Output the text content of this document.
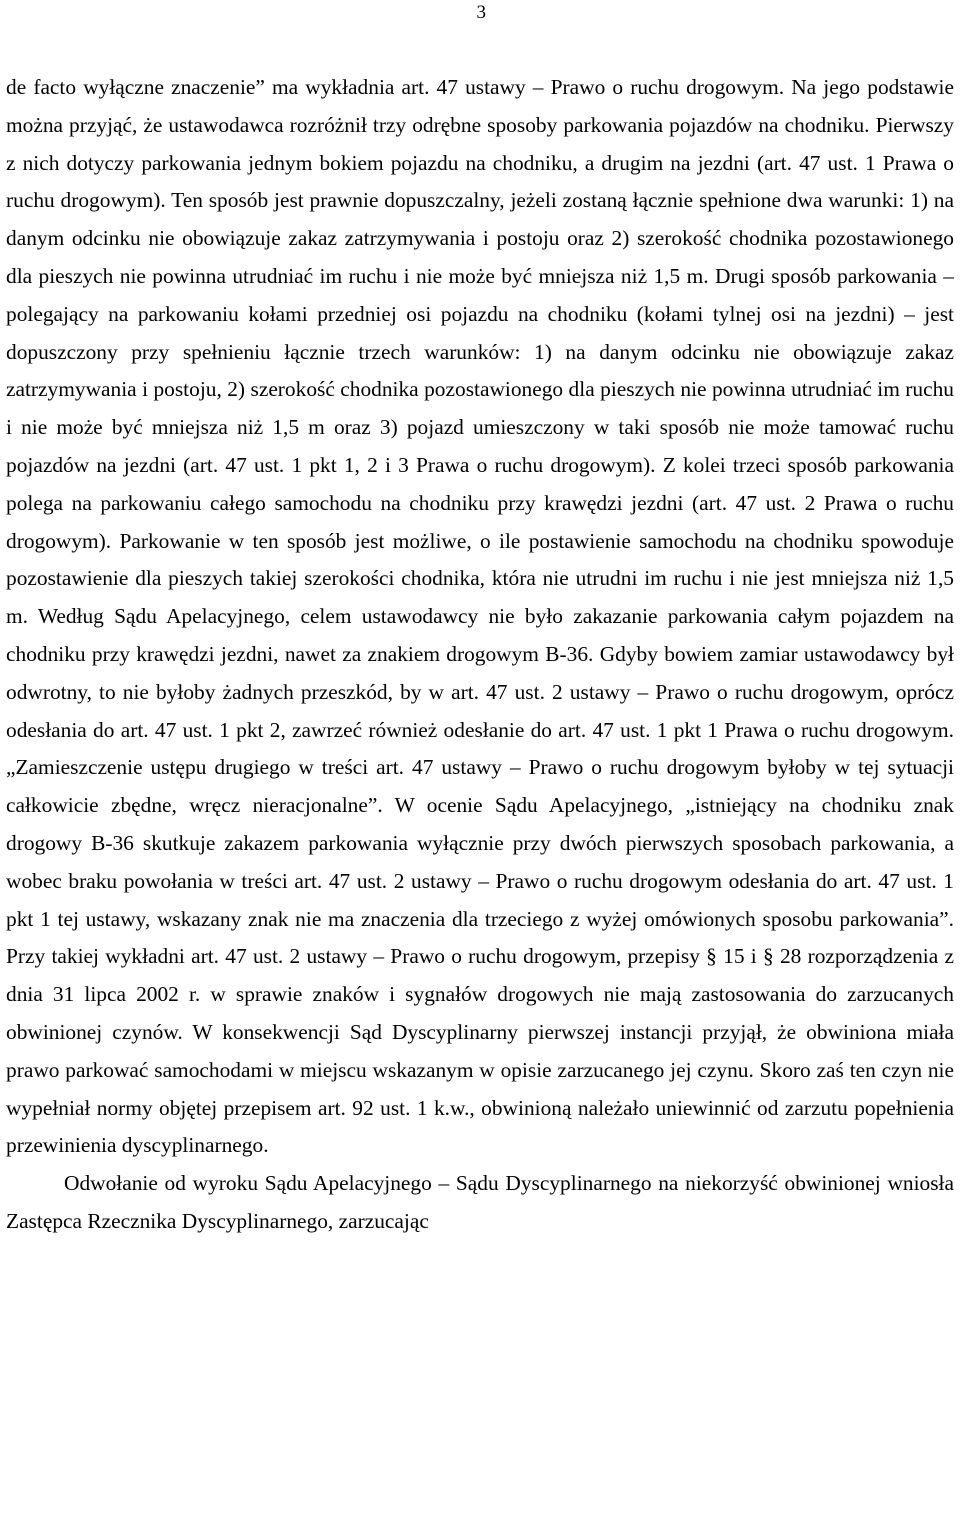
3

de facto wyłączne znaczenie” ma wykładnia art. 47 ustawy – Prawo o ruchu drogowym. Na jego podstawie można przyjąć, że ustawodawca rozróżnił trzy odrębne sposoby parkowania pojazdów na chodniku. Pierwszy z nich dotyczy parkowania jednym bokiem pojazdu na chodniku, a drugim na jezdni (art. 47 ust. 1 Prawa o ruchu drogowym). Ten sposób jest prawnie dopuszczalny, jeżeli zostaną łącznie spełnione dwa warunki: 1) na danym odcinku nie obowiązuje zakaz zatrzymywania i postoju oraz 2) szerokość chodnika pozostawionego dla pieszych nie powinna utrudniać im ruchu i nie może być mniejsza niż 1,5 m. Drugi sposób parkowania – polegający na parkowaniu kołami przedniej osi pojazdu na chodniku (kołami tylnej osi na jezdni) – jest dopuszczony przy spełnieniu łącznie trzech warunków: 1) na danym odcinku nie obowiązuje zakaz zatrzymywania i postoju, 2) szerokość chodnika pozostawionego dla pieszych nie powinna utrudniać im ruchu i nie może być mniejsza niż 1,5 m oraz 3) pojazd umieszczony w taki sposób nie może tamować ruchu pojazdów na jezdni (art. 47 ust. 1 pkt 1, 2 i 3 Prawa o ruchu drogowym). Z kolei trzeci sposób parkowania polega na parkowaniu całego samochodu na chodniku przy krawędzi jezdni (art. 47 ust. 2 Prawa o ruchu drogowym). Parkowanie w ten sposób jest możliwe, o ile postawienie samochodu na chodniku spowoduje pozostawienie dla pieszych takiej szerokości chodnika, która nie utrudni im ruchu i nie jest mniejsza niż 1,5 m. Według Sądu Apelacyjnego, celem ustawodawcy nie było zakazanie parkowania całym pojazdem na chodniku przy krawędzi jezdni, nawet za znakiem drogowym B-36. Gdyby bowiem zamiar ustawodawcy był odwrotny, to nie byłoby żadnych przeszkód, by w art. 47 ust. 2 ustawy – Prawo o ruchu drogowym, oprócz odesłania do art. 47 ust. 1 pkt 2, zawrzeć również odesłanie do art. 47 ust. 1 pkt 1 Prawa o ruchu drogowym. „Zamieszczenie ustępu drugiego w treści art. 47 ustawy – Prawo o ruchu drogowym byłoby w tej sytuacji całkowicie zbędne, wręcz nieracjonalne”. W ocenie Sądu Apelacyjnego, „istniejący na chodniku znak drogowy B-36 skutkuje zakazem parkowania wyłącznie przy dwóch pierwszych sposobach parkowania, a wobec braku powołania w treści art. 47 ust. 2 ustawy – Prawo o ruchu drogowym odesłania do art. 47 ust. 1 pkt 1 tej ustawy, wskazany znak nie ma znaczenia dla trzeciego z wyżej omówionych sposobu parkowania”. Przy takiej wykładni art. 47 ust. 2 ustawy – Prawo o ruchu drogowym, przepisy § 15 i § 28 rozporządzenia z dnia 31 lipca 2002 r. w sprawie znaków i sygnałów drogowych nie mają zastosowania do zarzucanych obwinionej czynów. W konsekwencji Sąd Dyscyplinarny pierwszej instancji przyjął, że obwiniona miała prawo parkować samochodami w miejscu wskazanym w opisie zarzucanego jej czynu. Skoro zaś ten czyn nie wypełniał normy objętej przepisem art. 92 ust. 1 k.w., obwinioną należało uniewinnić od zarzutu popełnienia przewinienia dyscyplinarnego.

Odwołanie od wyroku Sądu Apelacyjnego – Sądu Dyscyplinarnego na niekorzyść obwinionej wniosła Zastępca Rzecznika Dyscyplinarnego, zarzucając
